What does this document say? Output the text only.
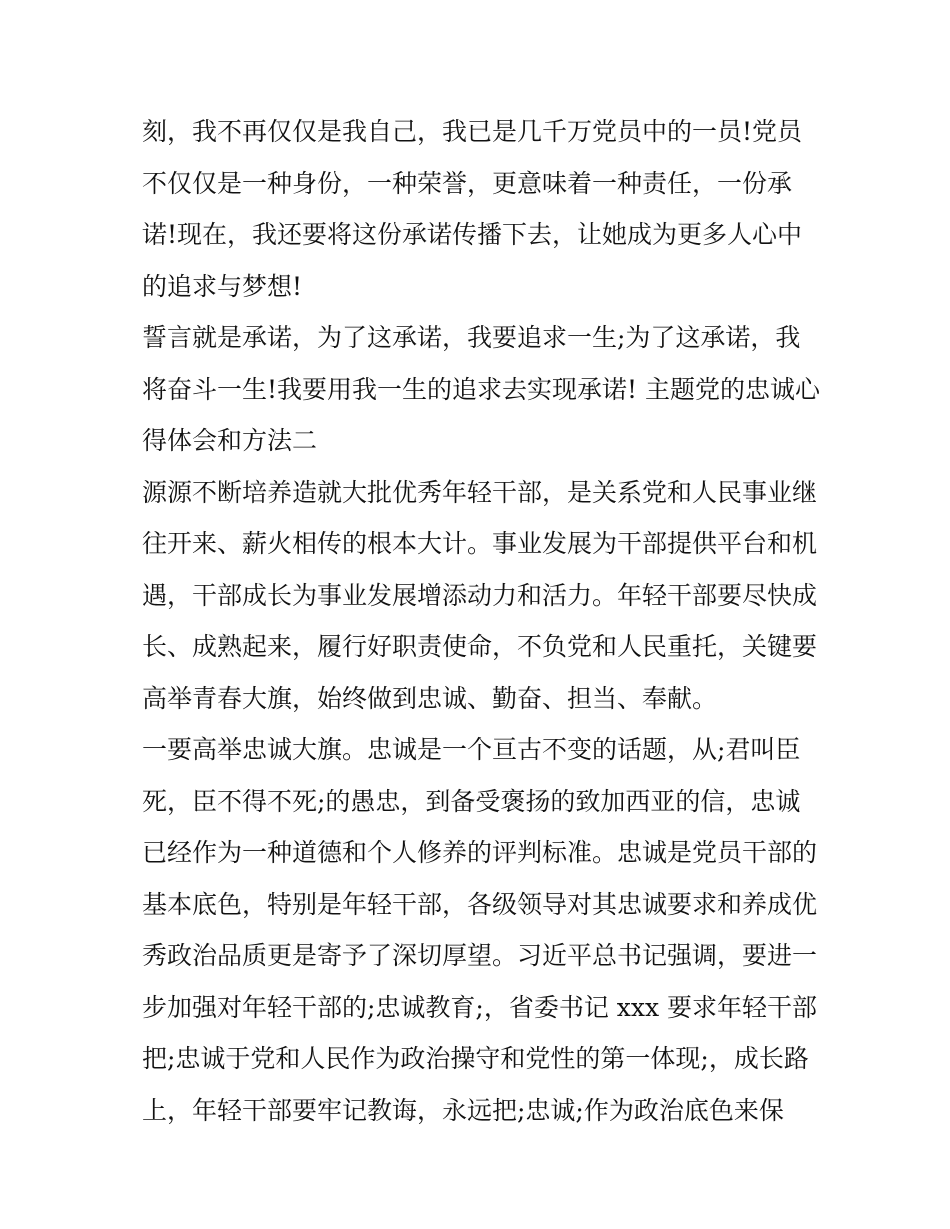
刻，我不再仅仅是我自己，我已是几千万党员中的一员!党员
不仅仅是一种身份，一种荣誉，更意味着一种责任，一份承
诺!现在，我还要将这份承诺传播下去，让她成为更多人心中
的追求与梦想!
誓言就是承诺，为了这承诺，我要追求一生;为了这承诺，我
将奋斗一生!我要用我一生的追求去实现承诺! 主题党的忠诚心
得体会和方法二
源源不断培养造就大批优秀年轻干部，是关系党和人民事业继
往开来、薪火相传的根本大计。事业发展为干部提供平台和机
遇，干部成长为事业发展增添动力和活力。年轻干部要尽快成
长、成熟起来，履行好职责使命，不负党和人民重托，关键要
高举青春大旗，始终做到忠诚、勤奋、担当、奉献。
一要高举忠诚大旗。忠诚是一个亘古不变的话题，从;君叫臣
死，臣不得不死;的愚忠，到备受褒扬的致加西亚的信，忠诚
已经作为一种道德和个人修养的评判标准。忠诚是党员干部的
基本底色，特别是年轻干部，各级领导对其忠诚要求和养成优
秀政治品质更是寄予了深切厚望。习近平总书记强调，要进一
步加强对年轻干部的;忠诚教育;，省委书记 xxx 要求年轻干部
把;忠诚于党和人民作为政治操守和党性的第一体现;，成长路
上，年轻干部要牢记教诲，永远把;忠诚;作为政治底色来保
